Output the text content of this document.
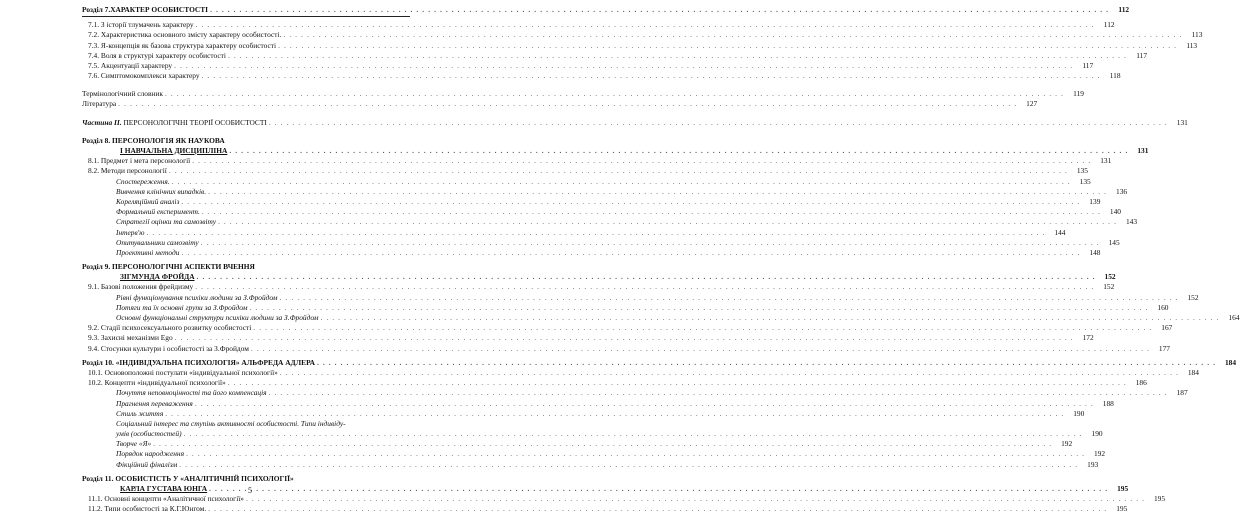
Розділ 7.ХАРАКТЕР ОСОБИСТОСТІ . . .	112
7.1. З історії тлумачень характеру . . .	112
7.2. Характеристика основного змісту характеру особистості. . . .	113
7.3. Я-концепція як базова структура характеру особистості . . .	113
7.4. Воля в структурі характеру особистості . . .	117
7.5. Акцентуації характеру . . .	117
7.6. Симптомокомплекси характеру . . .	118
Термінологічний словник . . .	119
Література . . .	127
Частина II. ПЕРСОНОЛОГІЧНІ ТЕОРІЇ ОСОБИСТОСТІ . . .	131
Розділ 8. ПЕРСОНОЛОГІЯ ЯК НАУКОВА
І НАВЧАЛЬНА ДИСЦИПЛІНА . . .	131
8.1. Предмет і мета персонології . . .	131
8.2. Методи персонології . . .	135
Спостереження. . . .	135
Вивчення клінічних випадків. . . .	136
Кореляційний аналіз . . .	139
Формальний експеримент. . . .	140
Стратегії оцінки та самозвіту . . .	143
Інтерв'ю . . .	144
Опитувальники самозвіту . . .	145
Проективні методи . . .	148
Розділ 9. ПЕРСОНОЛОГІЧНІ АСПЕКТИ ВЧЕННЯ
ЗІГМУНДА ФРОЙДА . . .	152
9.1. Базові положення фрейдизму . . .	152
Рівні функціонування психіки людини за З.Фройдом . . .	152
Потяги та їх основні групи за З.Фройдом . . .	160
Основні функціональні структури психіки людини за З.Фройдом . . .	164
9.2. Стадії психосексуального розвитку особистості . . .	167
9.3. Захисні механізми Ego . . .	172
9.4. Стосунки культури і особистості за З.Фройдом . . .	177
Розділ 10. «ІНДИВІДУАЛЬНА ПСИХОЛОГІЯ» АЛЬФРЕДА АДЛЕРА . . .	184
10.1. Основоположні постулати «індивідуальної психології» . . .	184
10.2. Концепти «індивідуальної психології» . . .	186
Почуття неповноцінності та його компенсація . . .	187
Прагнення переваження . . .	188
Стиль життя . . .	190
Соціальний інтерес та ступінь активності особистості. Типи індивіду-
умів (особистостей) . . .	190
Творче «Я» . . .	192
Порядок народження . . .	192
Фікційний фіналізм . . .	193
Розділ 11. ОСОБИСТІСТЬ У «АНАЛІТИЧНІЙ ПСИХОЛОГІЇ»
КАРЛА ГУСТАВА ЮНГА . . .	195
11.1. Основні концепти «Аналітичної психології» . . .	195
11.2. Типи особистості за К.Г.Юнгом. . . .	195
5
